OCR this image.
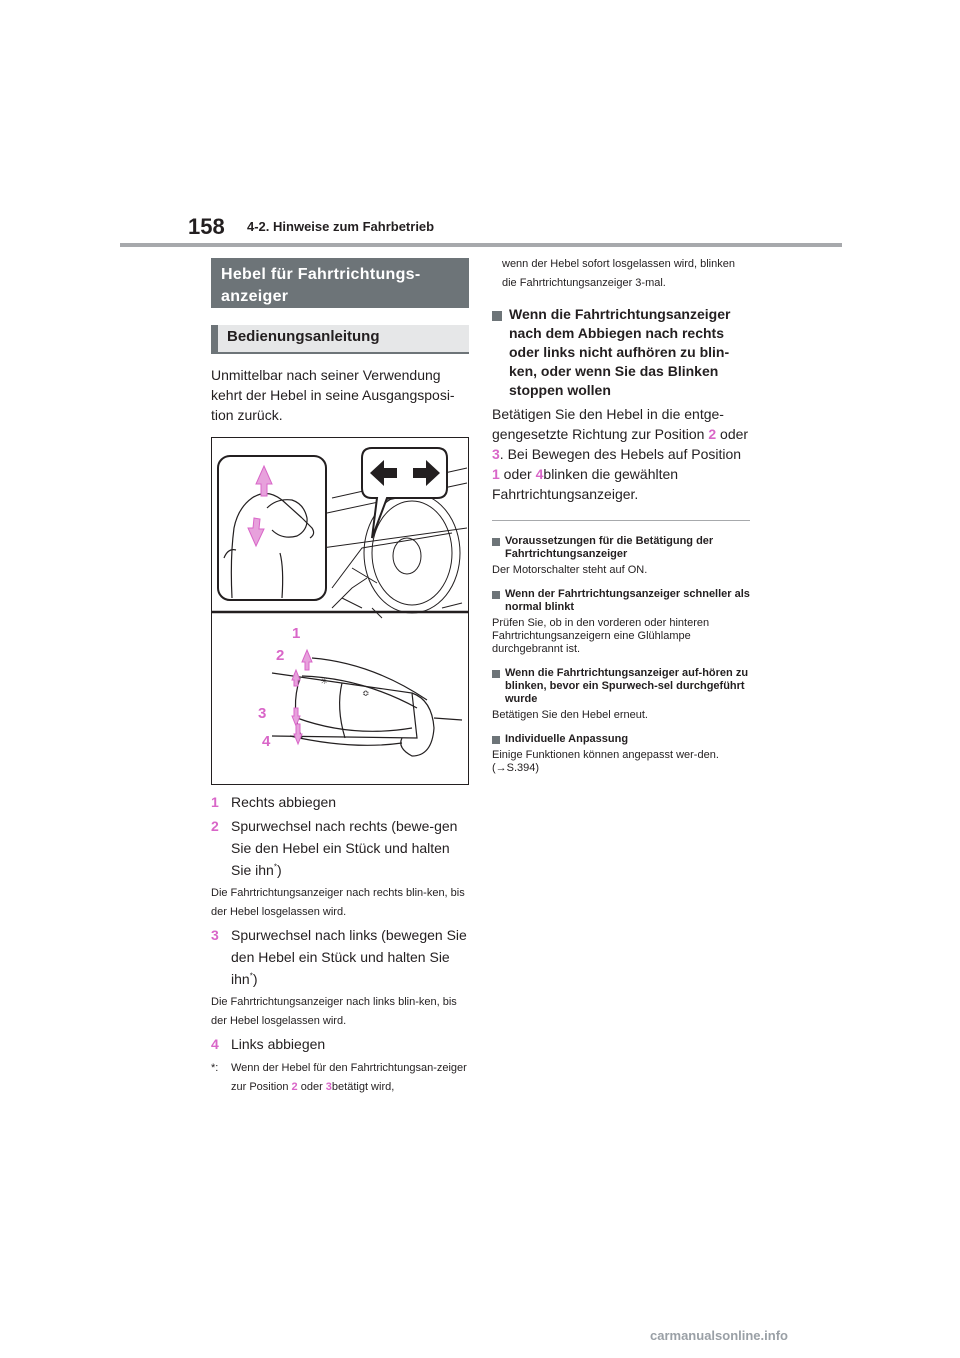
158 4-2. Hinweise zum Fahrbetrieb
Hebel für Fahrtrichtungs-anzeiger
Bedienungsanleitung

Unmittelbar nach seiner Verwendung kehrt der Hebel in seine Ausgangsposi-tion zurück.

☼
≎
1
2
3
4
1 Rechts abbiegen
2 Spurwechsel nach rechts (bewe-gen Sie den Hebel ein Stück und halten Sie ihn*)

Die Fahrtrichtungsanzeiger nach rechts blin-ken, bis der Hebel losgelassen wird.

3 Spurwechsel nach links (bewegen Sie den Hebel ein Stück und halten Sie ihn*)

Die Fahrtrichtungsanzeiger nach links blin-ken, bis der Hebel losgelassen wird.

4 Links abbiegen
*:	Wenn der Hebel für den Fahrtrichtungsan-zeiger zur Position 2 oder 3betätigt wird,

wenn der Hebel sofort losgelassen wird, blinken die Fahrtrichtungsanzeiger 3-mal.

Wenn die Fahrtrichtungsanzeiger nach dem Abbiegen nach rechts oder links nicht aufhören zu blin-ken, oder wenn Sie das Blinken stoppen wollen

Betätigen Sie den Hebel in die entge-gengesetzte Richtung zur Position 2 oder 3. Bei Bewegen des Hebels auf Position 1 oder 4blinken die gewählten Fahrtrichtungsanzeiger.

Voraussetzungen für die Betätigung der Fahrtrichtungsanzeiger

Der Motorschalter steht auf ON.

Wenn der Fahrtrichtungsanzeiger schneller als normal blinkt

Prüfen Sie, ob in den vorderen oder hinteren Fahrtrichtungsanzeigern eine Glühlampe durchgebrannt ist.

Wenn die Fahrtrichtungsanzeiger auf-hören zu blinken, bevor ein Spurwech-sel durchgeführt wurde

Betätigen Sie den Hebel erneut.

Individuelle Anpassung

Einige Funktionen können angepasst wer-den. (→S.394)

carmanualsonline.info
